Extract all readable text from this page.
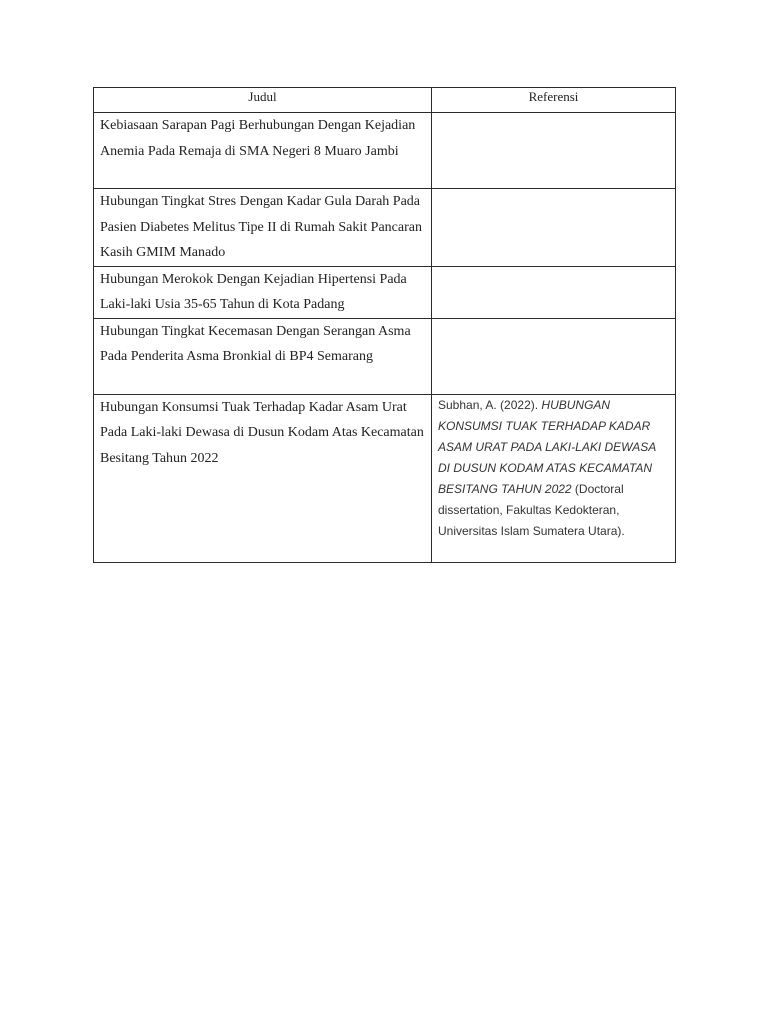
Judul	Referensi
Kebiasaan Sarapan Pagi Berhubungan Dengan Kejadian Anemia Pada Remaja di SMA Negeri 8 Muaro Jambi	
Hubungan Tingkat Stres Dengan Kadar Gula Darah Pada Pasien Diabetes Melitus Tipe II di Rumah Sakit Pancaran Kasih GMIM Manado	
Hubungan Merokok Dengan Kejadian Hipertensi Pada Laki-laki Usia 35-65 Tahun di Kota Padang	
Hubungan Tingkat Kecemasan Dengan Serangan Asma Pada Penderita Asma Bronkial di BP4 Semarang	
Hubungan Konsumsi Tuak Terhadap Kadar Asam Urat Pada Laki-laki Dewasa di Dusun Kodam Atas Kecamatan Besitang Tahun 2022	Subhan, A. (2022). HUBUNGAN KONSUMSI TUAK TERHADAP KADAR ASAM URAT PADA LAKI-LAKI DEWASA DI DUSUN KODAM ATAS KECAMATAN BESITANG TAHUN 2022 (Doctoral dissertation, Fakultas Kedokteran, Universitas Islam Sumatera Utara).
